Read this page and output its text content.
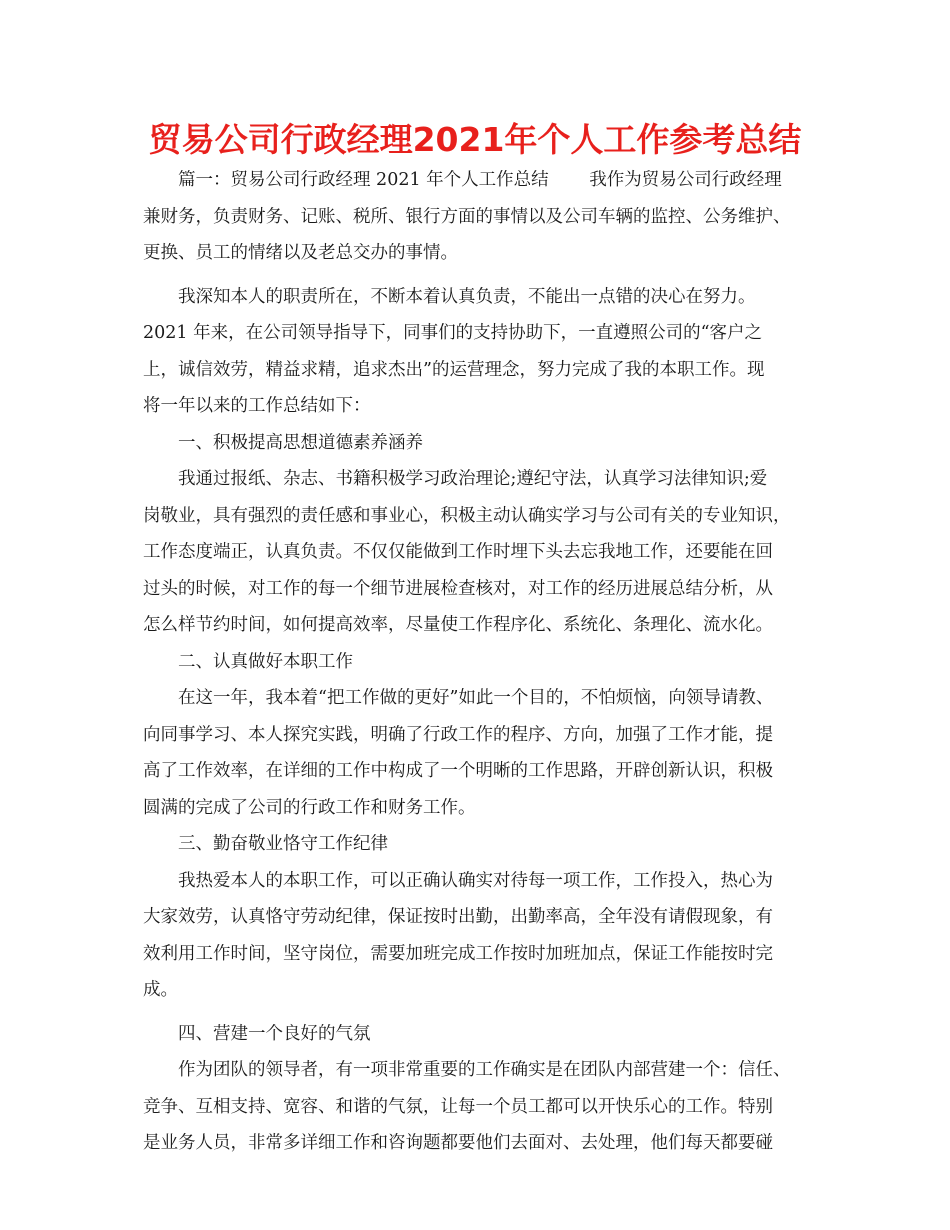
贸易公司行政经理2021年个人工作参考总结
篇一：贸易公司行政经理 2021 年个人工作总结　　 我作为贸易公司行政经理
兼财务，负责财务、记账、税所、银行方面的事情以及公司车辆的监控、公务维护、
更换、员工的情绪以及老总交办的事情。
我深知本人的职责所在，不断本着认真负责，不能出一点错的决心在努力。
2021 年来，在公司领导指导下，同事们的支持协助下，一直遵照公司的“客户之
上，诚信效劳，精益求精，追求杰出”的运营理念，努力完成了我的本职工作。现
将一年以来的工作总结如下：
一、积极提高思想道德素养涵养
我通过报纸、杂志、书籍积极学习政治理论;遵纪守法，认真学习法律知识;爱
岗敬业，具有强烈的责任感和事业心，积极主动认确实学习与公司有关的专业知识，
工作态度端正，认真负责。不仅仅能做到工作时埋下头去忘我地工作，还要能在回
过头的时候，对工作的每一个细节进展检查核对，对工作的经历进展总结分析，从
怎么样节约时间，如何提高效率，尽量使工作程序化、系统化、条理化、流水化。
二、认真做好本职工作
在这一年，我本着“把工作做的更好”如此一个目的，不怕烦恼，向领导请教、
向同事学习、本人探究实践，明确了行政工作的程序、方向，加强了工作才能，提
高了工作效率，在详细的工作中构成了一个明晰的工作思路，开辟创新认识，积极
圆满的完成了公司的行政工作和财务工作。
三、勤奋敬业恪守工作纪律
我热爱本人的本职工作，可以正确认确实对待每一项工作，工作投入，热心为
大家效劳，认真恪守劳动纪律，保证按时出勤，出勤率高，全年没有请假现象，有
效利用工作时间，坚守岗位，需要加班完成工作按时加班加点，保证工作能按时完
成。
四、营建一个良好的气氛
作为团队的领导者，有一项非常重要的工作确实是在团队内部营建一个：信任、
竞争、互相支持、宽容、和谐的气氛，让每一个员工都可以开快乐心的工作。特别
是业务人员，非常多详细工作和咨询题都要他们去面对、去处理，他们每天都要碰
